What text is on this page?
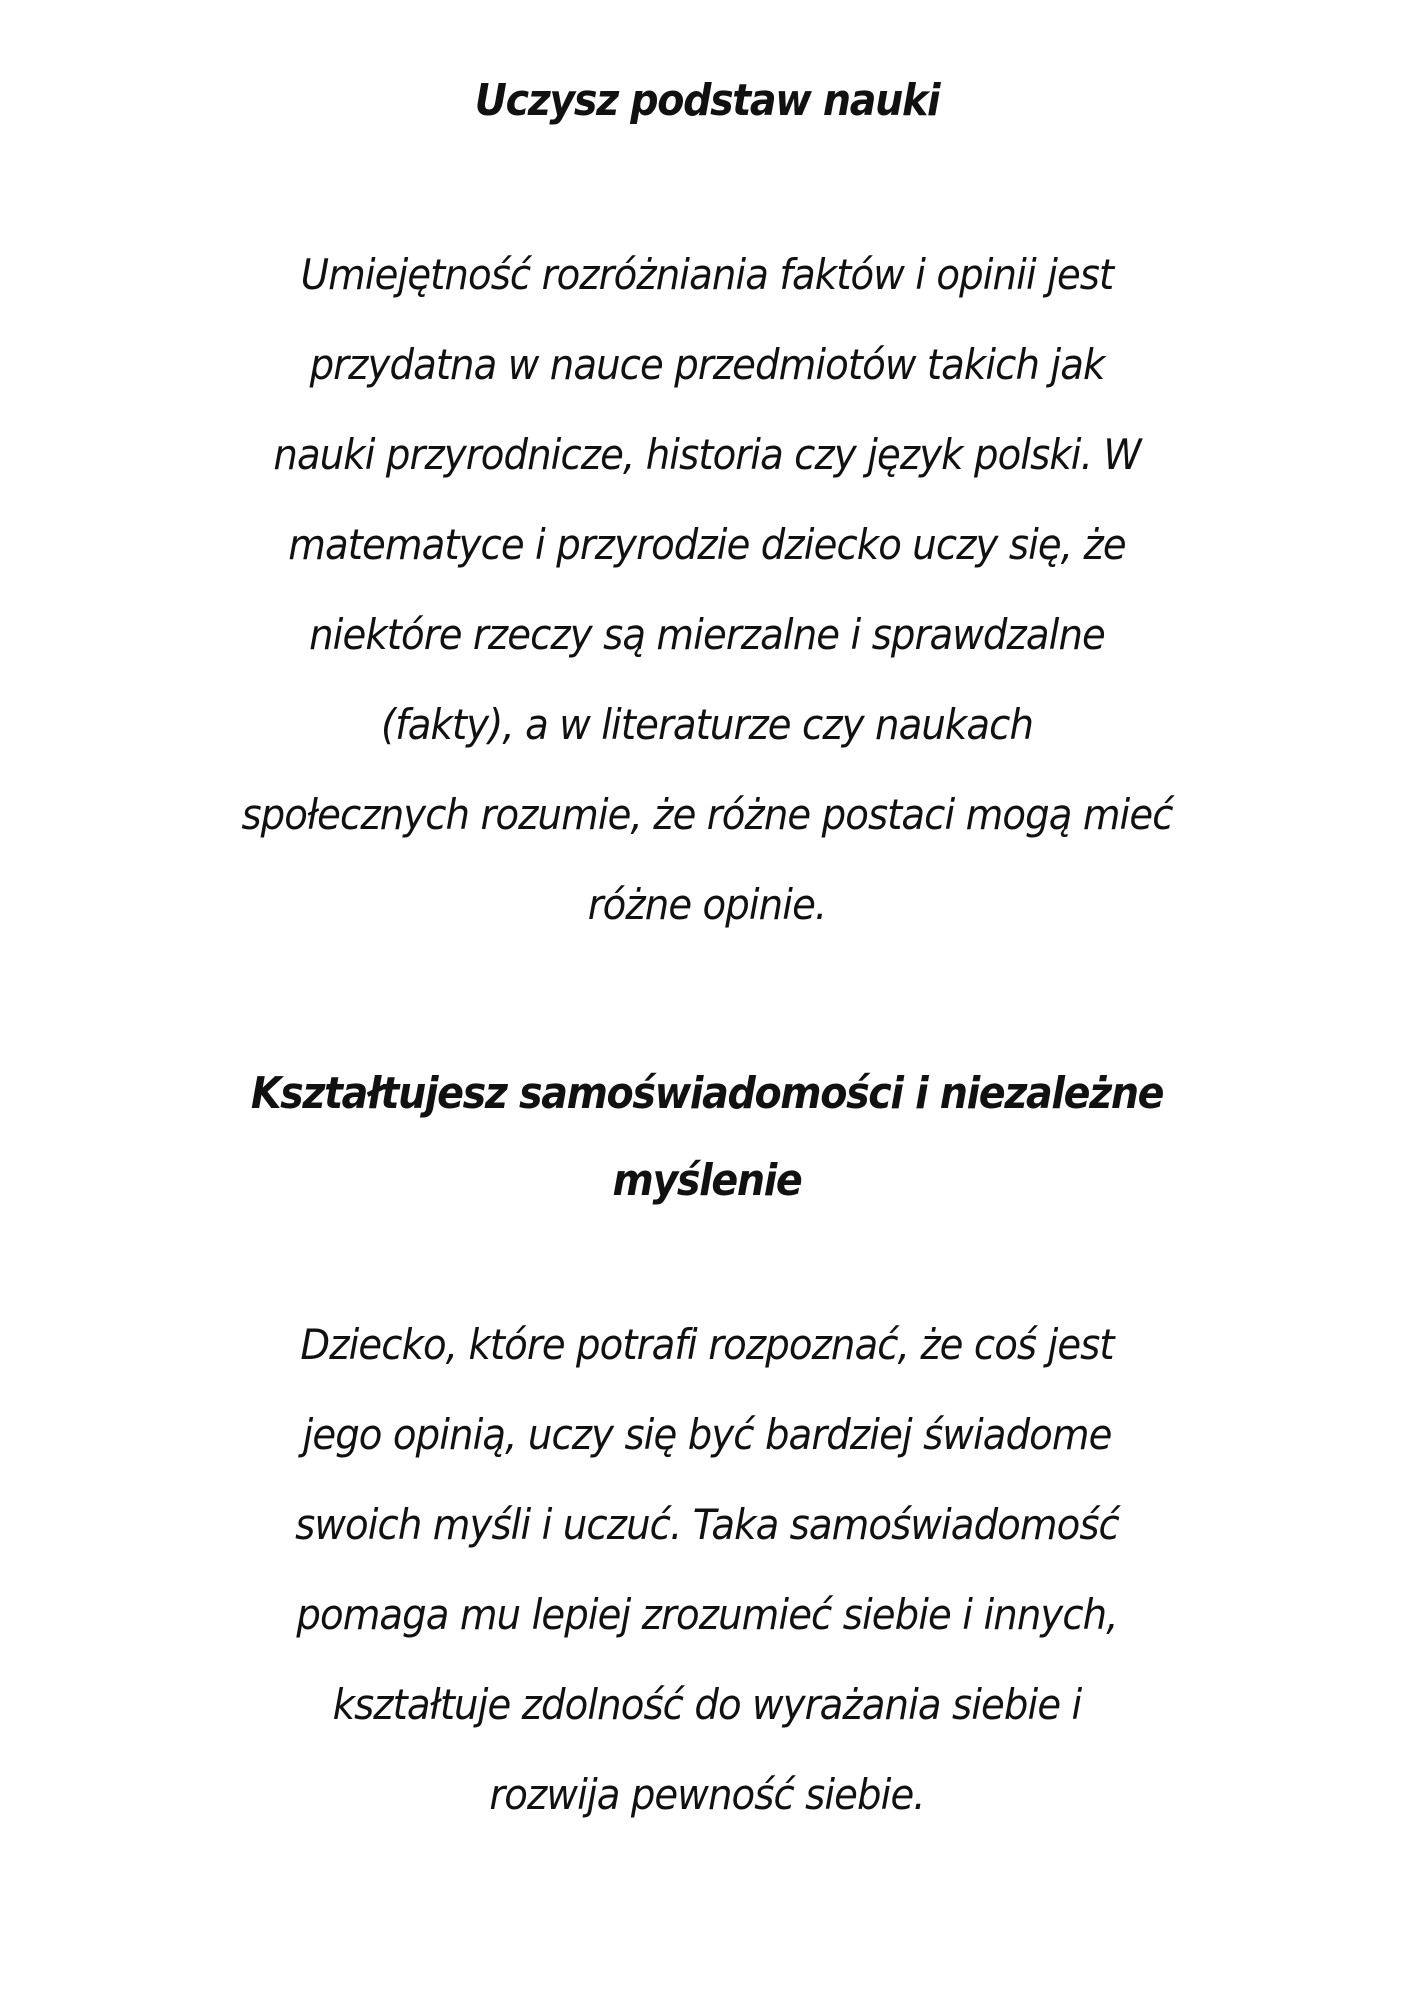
Uczysz podstaw nauki

Umiejętność rozróżniania faktów i opinii jest
przydatna w nauce przedmiotów takich jak
nauki przyrodnicze, historia czy język polski. W
matematyce i przyrodzie dziecko uczy się, że
niektóre rzeczy są mierzalne i sprawdzalne
(fakty), a w literaturze czy naukach
społecznych rozumie, że różne postaci mogą mieć
różne opinie.

Kształtujesz samoświadomości i niezależne
myślenie

Dziecko, które potrafi rozpoznać, że coś jest
jego opinią, uczy się być bardziej świadome
swoich myśli i uczuć. Taka samoświadomość
pomaga mu lepiej zrozumieć siebie i innych,
kształtuje zdolność do wyrażania siebie i
rozwija pewność siebie.
